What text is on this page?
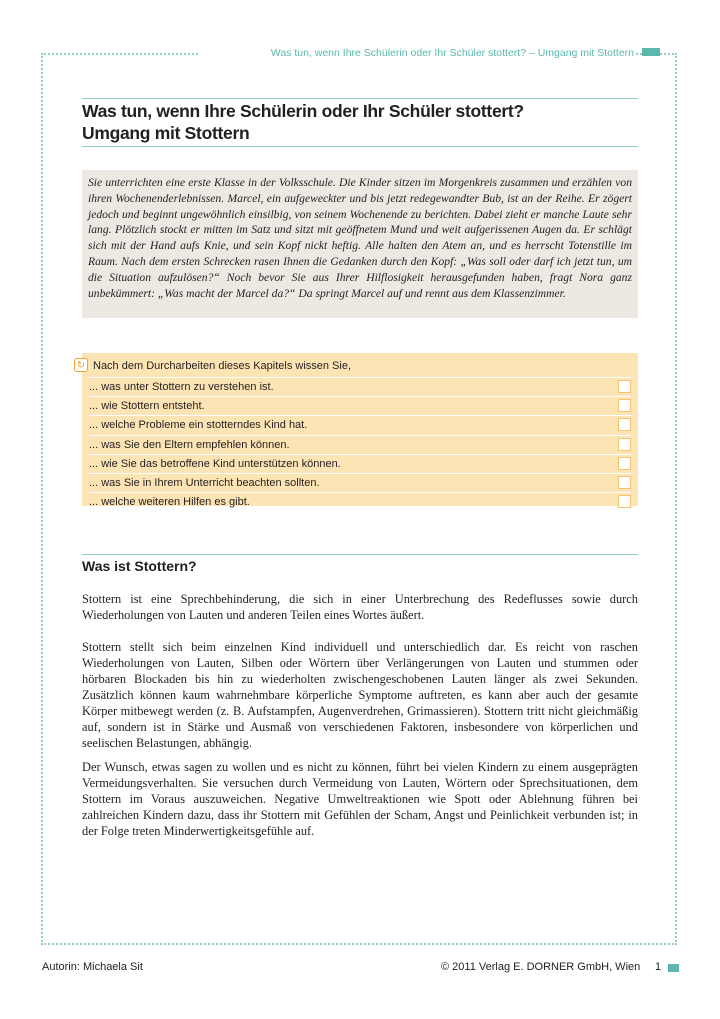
Was tun, wenn Ihre Schülerin oder Ihr Schüler stottert? – Umgang mit Stottern
Was tun, wenn Ihre Schülerin oder Ihr Schüler stottert?
Umgang mit Stottern
Sie unterrichten eine erste Klasse in der Volksschule. Die Kinder sitzen im Morgenkreis zusammen und erzählen von ihren Wochenenderlebnissen. Marcel, ein aufgeweckter und bis jetzt redegewandter Bub, ist an der Reihe. Er zögert jedoch und beginnt ungewöhnlich einsilbig, von seinem Wochenende zu berichten. Dabei zieht er manche Laute sehr lang. Plötzlich stockt er mitten im Satz und sitzt mit geöffnetem Mund und weit aufgerissenen Augen da. Er schlägt sich mit der Hand aufs Knie, und sein Kopf nickt heftig. Alle halten den Atem an, und es herrscht Totenstille im Raum. Nach dem ersten Schrecken rasen Ihnen die Gedanken durch den Kopf: „Was soll oder darf ich jetzt tun, um die Situation aufzulösen?“ Noch bevor Sie aus Ihrer Hilflosigkeit herausgefunden haben, fragt Nora ganz unbekümmert: „Was macht der Marcel da?“ Da springt Marcel auf und rennt aus dem Klassenzimmer.
↻ Nach dem Durcharbeiten dieses Kapitels wissen Sie,
... was unter Stottern zu verstehen ist.
... wie Stottern entsteht.
... welche Probleme ein stotterndes Kind hat.
... was Sie den Eltern empfehlen können.
... wie Sie das betroffene Kind unterstützen können.
... was Sie in Ihrem Unterricht beachten sollten.
... welche weiteren Hilfen es gibt.
Was ist Stottern?
Stottern ist eine Sprechbehinderung, die sich in einer Unterbrechung des Redeflusses sowie durch Wiederholungen von Lauten und anderen Teilen eines Wortes äußert.
Stottern stellt sich beim einzelnen Kind individuell und unterschiedlich dar. Es reicht von raschen Wiederholungen von Lauten, Silben oder Wörtern über Verlängerungen von Lauten und stummen oder hörbaren Blockaden bis hin zu wiederholten zwischengeschobenen Lauten länger als zwei Sekunden. Zusätzlich können kaum wahrnehmbare körperliche Symptome auftreten, es kann aber auch der gesamte Körper mitbewegt werden (z. B. Aufstampfen, Augenverdrehen, Grimassieren). Stottern tritt nicht gleichmäßig auf, sondern ist in Stärke und Ausmaß von verschiedenen Faktoren, insbesondere von körperlichen und seelischen Belastungen, abhängig.
Der Wunsch, etwas sagen zu wollen und es nicht zu können, führt bei vielen Kindern zu einem ausgeprägten Vermeidungsverhalten. Sie versuchen durch Vermeidung von Lauten, Wörtern oder Sprechsituationen, dem Stottern im Voraus auszuweichen. Negative Umweltreaktionen wie Spott oder Ablehnung führen bei zahlreichen Kindern dazu, dass ihr Stottern mit Gefühlen der Scham, Angst und Peinlichkeit verbunden ist; in der Folge treten Minderwertigkeitsgefühle auf.
Autorin: Michaela Sit	© 2011 Verlag E. DORNER GmbH, Wien 1
